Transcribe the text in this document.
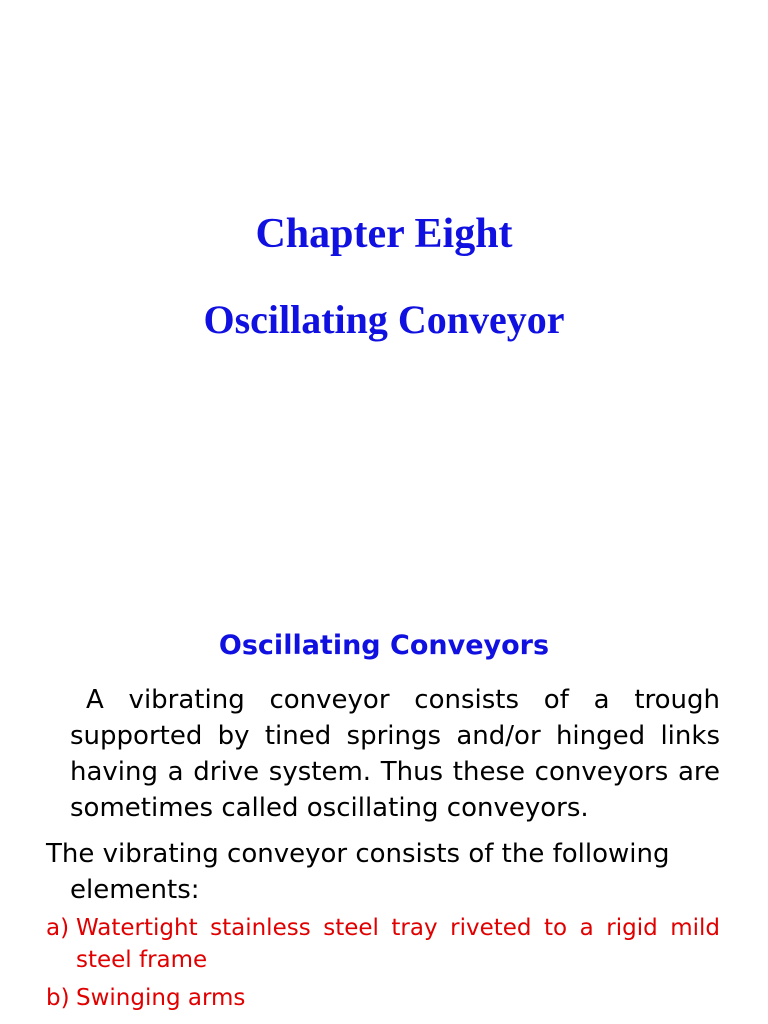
Chapter Eight
Oscillating Conveyor
Oscillating Conveyors
A vibrating conveyor consists of a trough supported by tined springs and/or hinged links having a drive system. Thus these conveyors are sometimes called oscillating conveyors.
The vibrating conveyor consists of the following
elements:
a) Watertight stainless steel tray riveted to a rigid mild steel frame
b) Swinging arms
